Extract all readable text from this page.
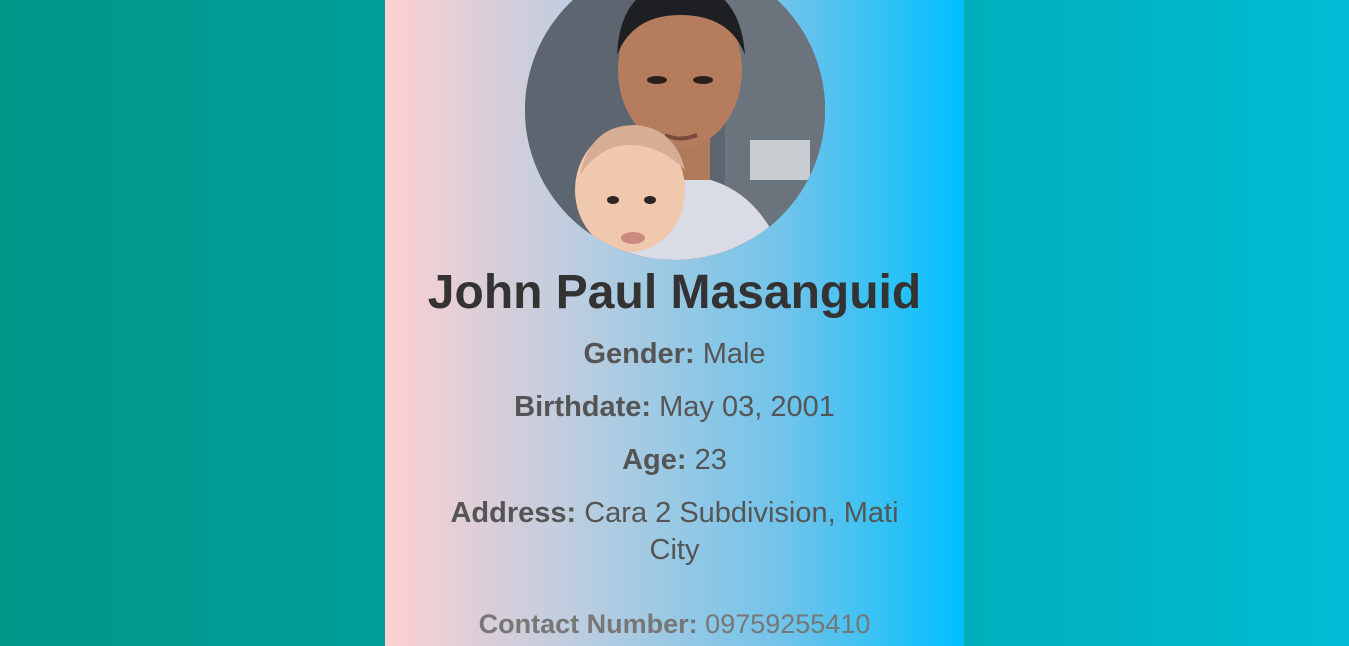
John Paul Masanguid

Gender: Male

Birthdate: May 03, 2001

Age: 23

Address: Cara 2 Subdivision, Mati City

Contact Number: 09759255410
